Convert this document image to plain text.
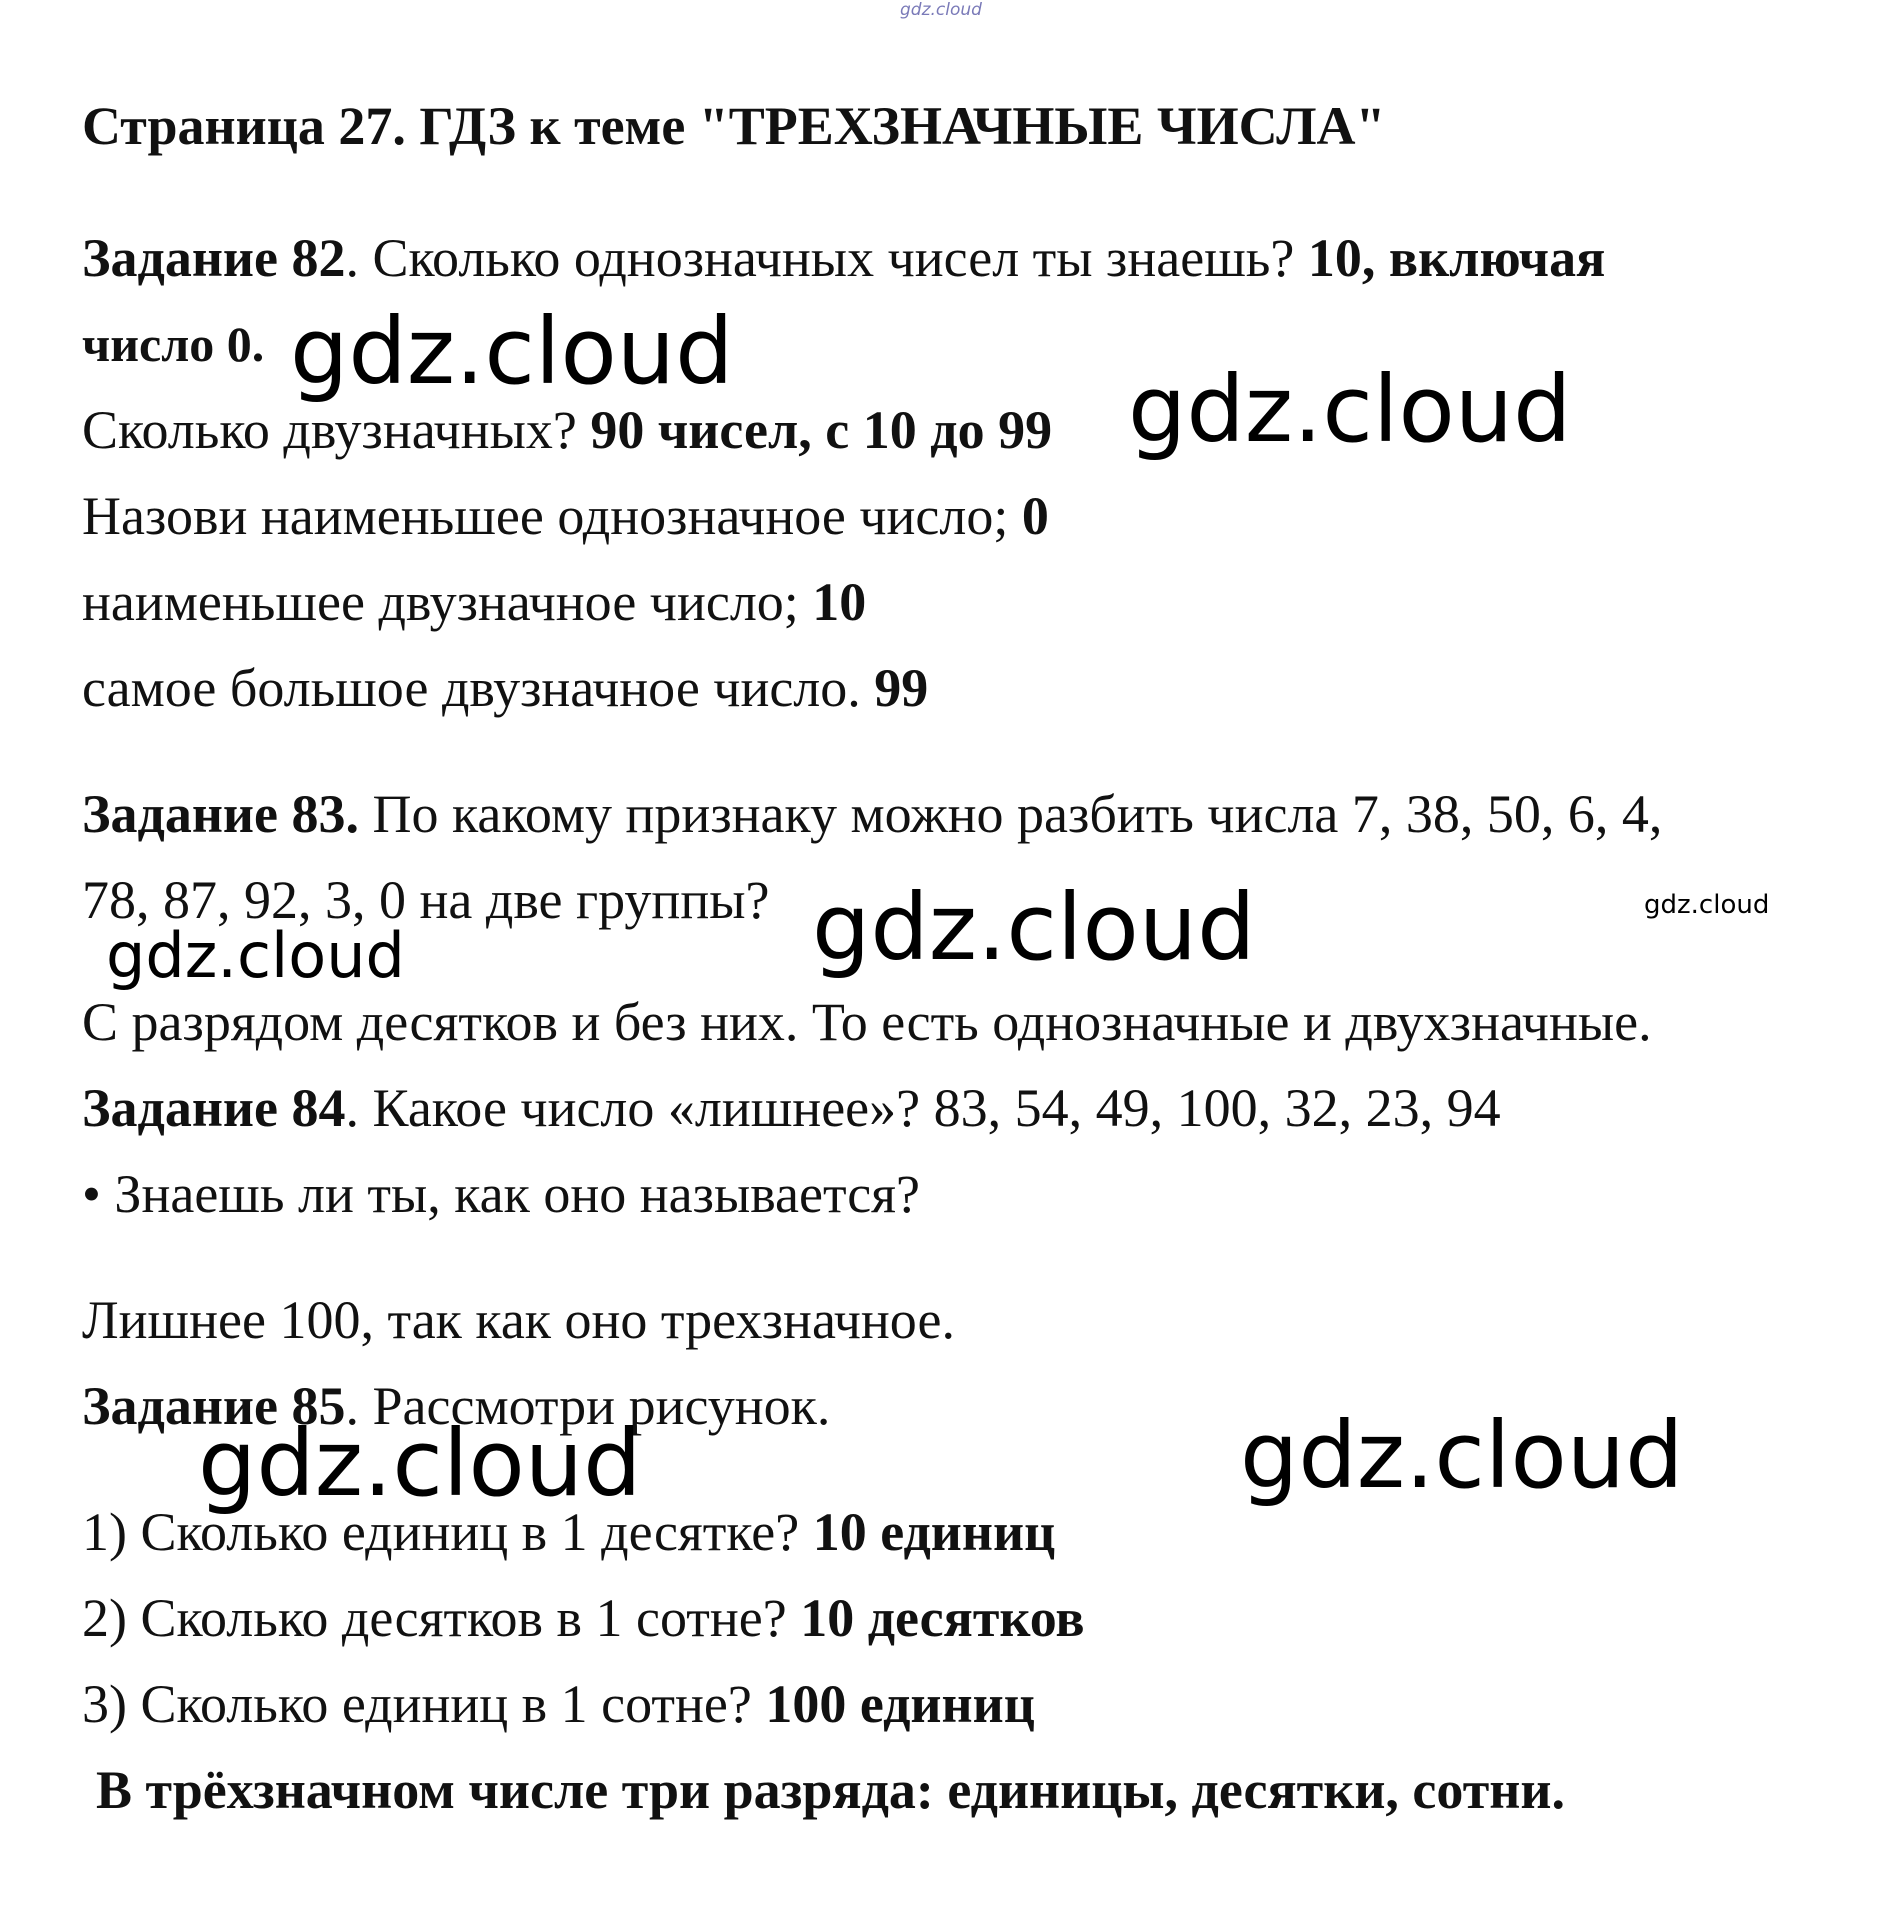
gdz.cloud
Страница 27. ГДЗ к теме "ТРЕХЗНАЧНЫЕ ЧИСЛА"
Задание 82. Сколько однозначных чисел ты знаешь? 10, включая
число 0.
Сколько двузначных? 90 чисел, с 10 до 99
Назови наименьшее однозначное число; 0
наименьшее двузначное число; 10
самое большое двузначное число. 99
Задание 83. По какому признаку можно разбить числа 7, 38, 50, 6, 4,
78, 87, 92, 3, 0 на две группы?
С разрядом десятков и без них. То есть однозначные и двухзначные.
Задание 84. Какое число «лишнее»? 83, 54, 49, 100, 32, 23, 94
• Знаешь ли ты, как оно называется?
Лишнее 100, так как оно трехзначное.
Задание 85. Рассмотри рисунок.
1) Сколько единиц в 1 десятке? 10 единиц
2) Сколько десятков в 1 сотне? 10 десятков
3) Сколько единиц в 1 сотне? 100 единиц
В трёхзначном числе три разряда: единицы, десятки, сотни.
gdz.cloud
gdz.cloud
gdz.cloud
gdz.cloud
gdz.cloud
gdz.cloud	gdz.cloud
